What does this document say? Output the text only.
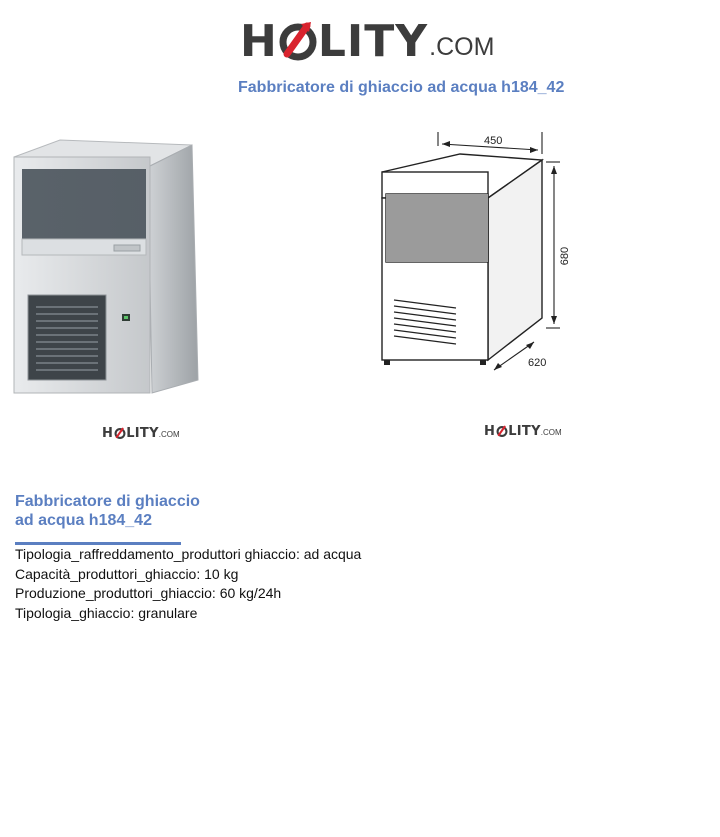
H LITY .COM
Fabbricatore di ghiaccio ad acqua h184_42
450
680
620
H LITY .COM	H LITY .COM
Fabbricatore di ghiaccio
ad acqua h184_42
Tipologia_raffreddamento_produttori ghiaccio: ad acqua
Capacità_produttori_ghiaccio: 10 kg
Produzione_produttori_ghiaccio: 60 kg/24h
Tipologia_ghiaccio: granulare
